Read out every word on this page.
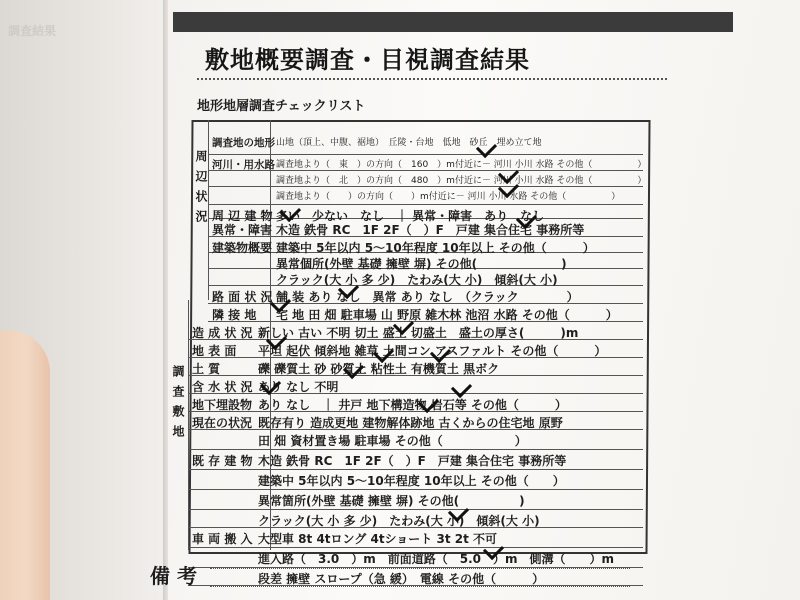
調査結果
敷地概要調査・目視調査結果
地形地層調査チェックリスト
周辺状況
調査敷地
調査地の地形 山地（頂上、中腹、裾地）　丘陵・台地　低地　砂丘　埋め立て地
河川・用水路 調査地より（　東　）の方向（　160　）m付近に－ 河川 小川 水路 その他（　　　　　）
調査地より（　北　）の方向（　480　）m付近に－ 河川 小川 水路 その他（　　　　　）
調査地より（　　）の方向（　　）m付近に－ 河川 小川 水路 その他（　　　　　）
周 辺 建 物 多い　少ない　なし　｜ 異常・障害　あり　なし
異常・障害 木造 鉄骨 RC　1F 2F（　）F　戸建 集合住宅 事務所等
建築物概要 建築中 5年以内 5〜10年程度 10年以上 その他（　　　）
異常個所(外壁 基礎 擁壁 塀) その他(　　　　　　　)
クラック(大 小 多 少)　たわみ(大 小)　傾斜(大 小)
路 面 状 況 舗 装 あり なし　異常 あり なし　（クラック　　　　）
隣 接 地 宅 地 田 畑 駐車場 山 野原 雑木林 池沼 水路 その他（　　　）
造 成 状 況 新しい 古い 不明 切土 盛土 切盛土　盛土の厚さ(　　　)m
地 表 面 平坦 起伏 傾斜地 雑草 土間コン アスファルト その他（　　　）
土 質	礫 礫質土 砂 砂質土 粘性土 有機質土 黒ボク
含 水 状 況 あり なし 不明
地下埋設物 あり なし　｜ 井戸 地下構造物 岩石等 その他（　　　）
現在の状況 既存有り 造成更地 建物解体跡地 古くからの住宅地 原野
田 畑 資材置き場 駐車場 その他（　　　　　　）
既 存 建 物 木造 鉄骨 RC　1F 2F（　）F　戸建 集合住宅 事務所等
建築中 5年以内 5〜10年程度 10年以上 その他（　　）
異常箇所(外壁 基礎 擁壁 塀) その他(　　　　　)
クラック(大 小 多 少)　たわみ(大 小)　傾斜(大 小)
車 両 搬 入 大型車 8t 4tロング 4tショート 3t 2t 不可
進入路（　3.0　）m　前面道路（　5.0　）m　側溝（　　）m
段差 擁壁 スロープ（急 緩）　電線 その他（　　　）
備 考
